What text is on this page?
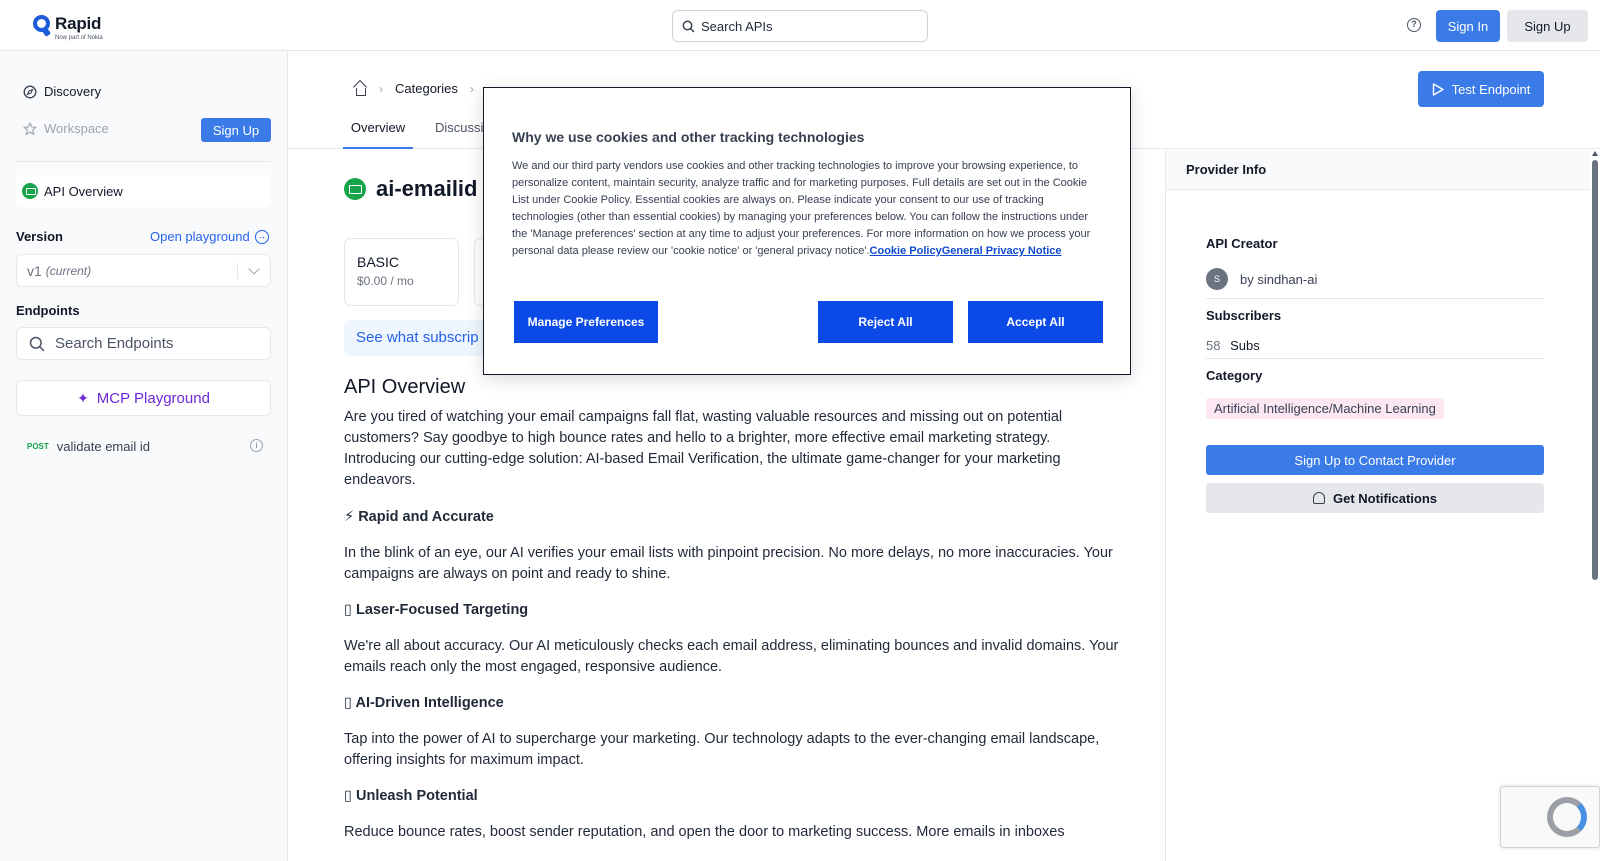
Rapid
Now part of Nokia
Search APIs	?	Sign In	Sign Up
Discovery
Workspace	Sign Up
API Overview
Version	Open playground →
v1 (current)
Endpoints
Search Endpoints
✦ MCP Playground
POST validate email id	i
› Categories ›
Overview	Discussi
Test Endpoint
ai-emailid
BASIC
$0.00 / mo
See what subscrip
API Overview
Are you tired of watching your email campaigns fall flat, wasting valuable resources and missing out on potential customers? Say goodbye to high bounce rates and hello to a brighter, more effective email marketing strategy. Introducing our cutting-edge solution: AI-based Email Verification, the ultimate game-changer for your marketing endeavors.
⚡ Rapid and Accurate
In the blink of an eye, our AI verifies your email lists with pinpoint precision. No more delays, no more inaccuracies. Your campaigns are always on point and ready to shine.
▯ Laser-Focused Targeting
We're all about accuracy. Our AI meticulously checks each email address, eliminating bounces and invalid domains. Your emails reach only the most engaged, responsive audience.
▯ AI-Driven Intelligence
Tap into the power of AI to supercharge your marketing. Our technology adapts to the ever-changing email landscape, offering insights for maximum impact.
▯ Unleash Potential
Reduce bounce rates, boost sender reputation, and open the door to marketing success. More emails in inboxes
Provider Info
API Creator
S	by sindhan-ai
Subscribers
58 Subs
Category
Artificial Intelligence/Machine Learning
Sign Up to Contact Provider
Get Notifications
Why we use cookies and other tracking technologies
We and our third party vendors use cookies and other tracking technologies to improve your browsing experience, to personalize content, maintain security, analyze traffic and for marketing purposes. Full details are set out in the Cookie List under Cookie Policy. Essential cookies are always on. Please indicate your consent to our use of tracking technologies (other than essential cookies) by managing your preferences below. You can follow the instructions under the 'Manage preferences' section at any time to adjust your preferences. For more information on how we process your personal data please review our 'cookie notice' or 'general privacy notice'.Cookie PolicyGeneral Privacy Notice
Manage Preferences	Reject All	Accept All
